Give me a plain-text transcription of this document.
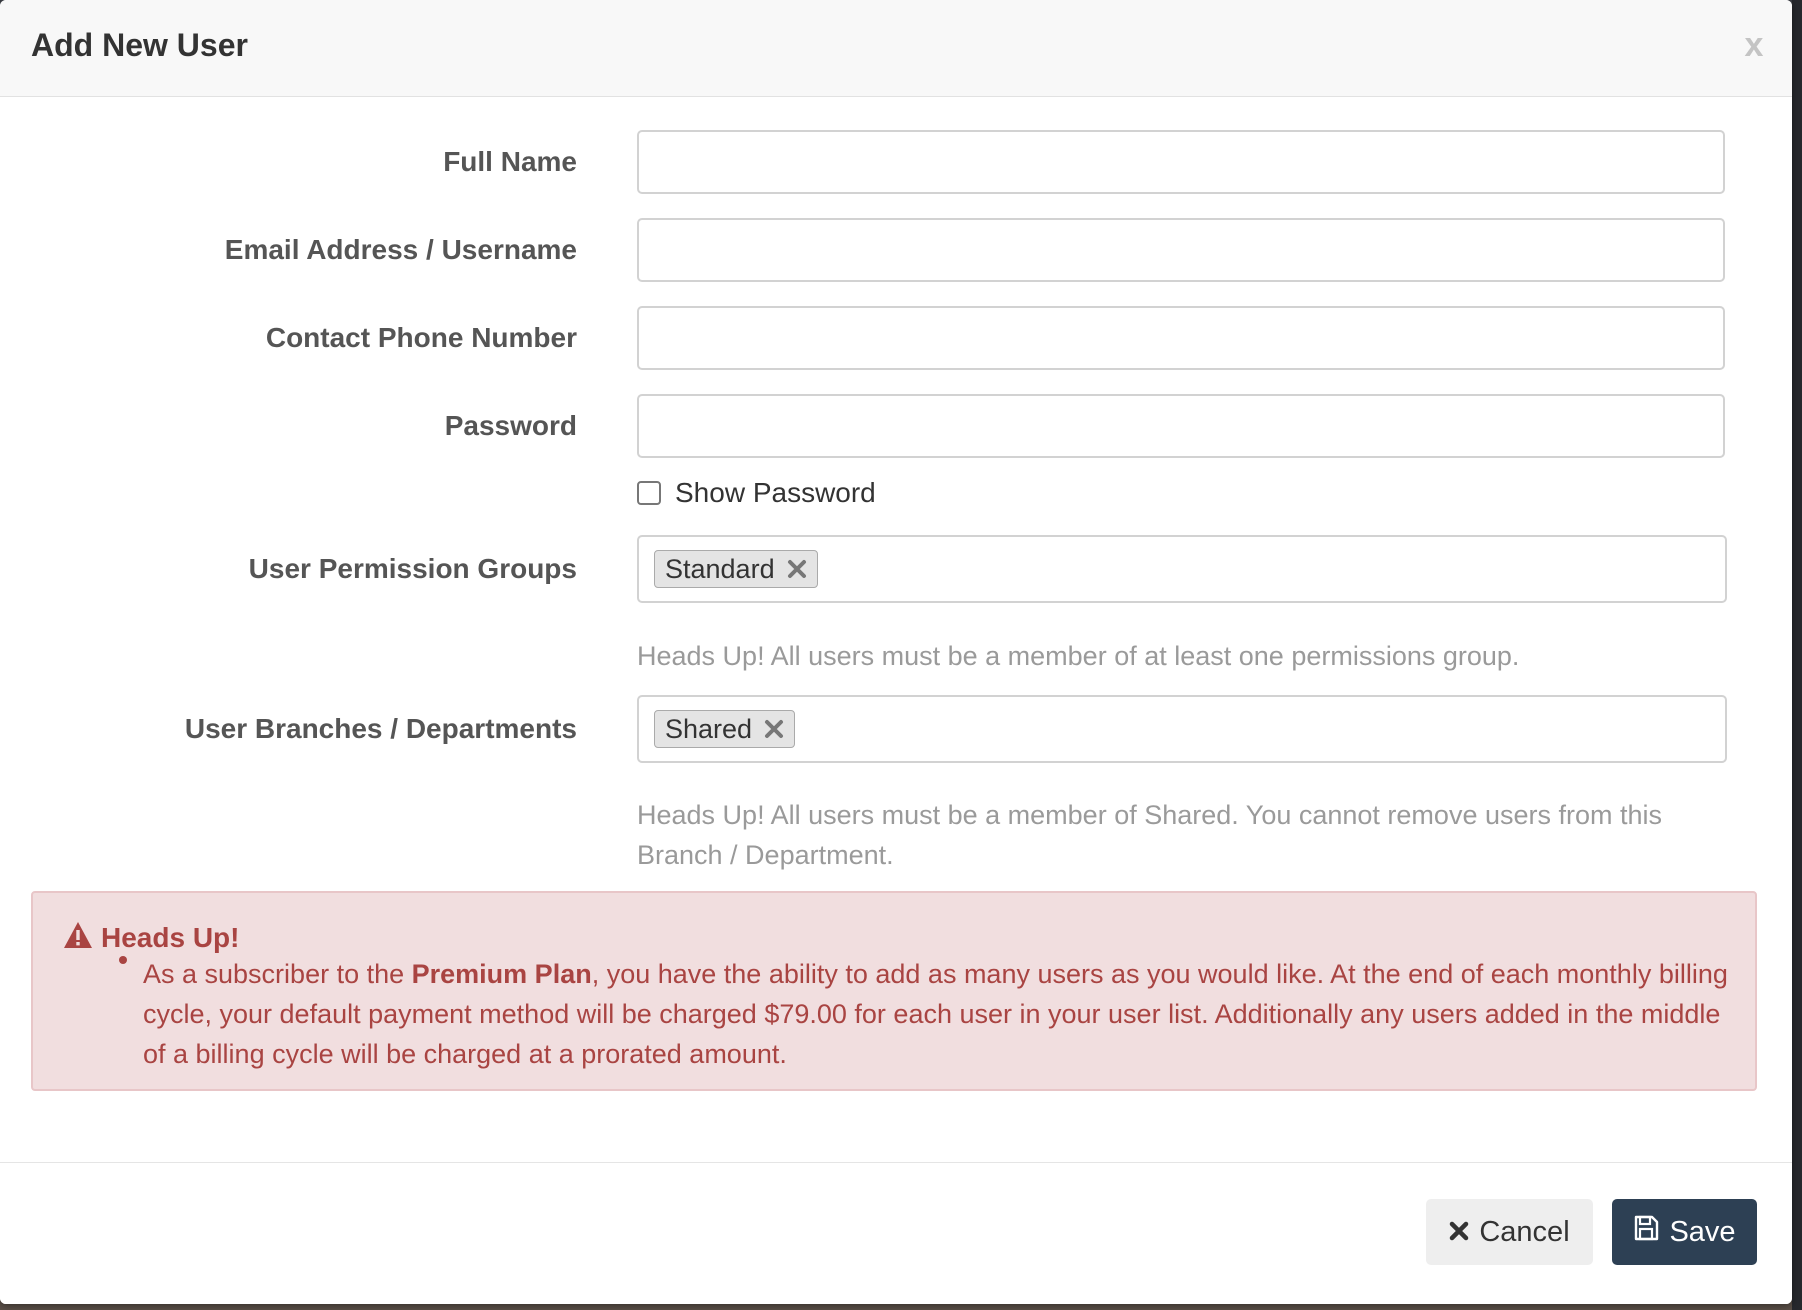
Add New User	x
Full Name
Email Address / Username
Contact Phone Number
Password
Show Password
User Permission Groups	Standard
Heads Up! All users must be a member of at least one permissions group.
User Branches / Departments	Shared
Heads Up! All users must be a member of Shared. You cannot remove users from this Branch / Department.
Heads Up!
As a subscriber to the Premium Plan, you have the ability to add as many users as you would like. At the end of each monthly billing cycle, your default payment method will be charged $79.00 for each user in your user list. Additionally any users added in the middle of a billing cycle will be charged at a prorated amount.
Cancel	Save
